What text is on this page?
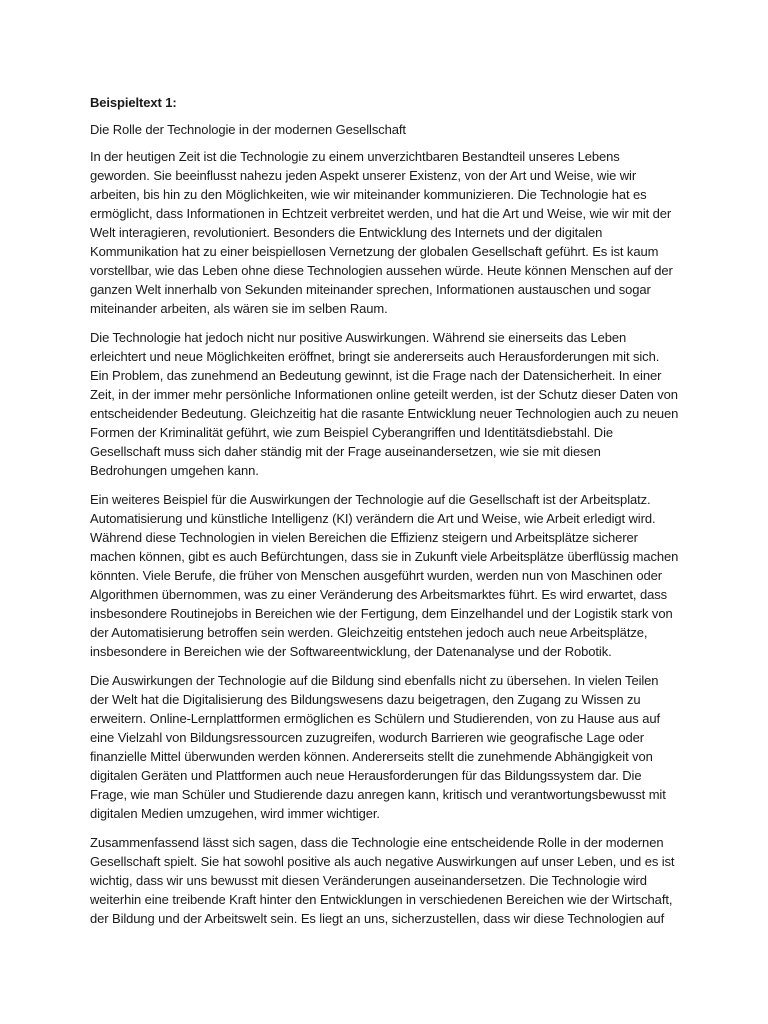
Beispieltext 1:
Die Rolle der Technologie in der modernen Gesellschaft

In der heutigen Zeit ist die Technologie zu einem unverzichtbaren Bestandteil unseres Lebens geworden. Sie beeinflusst nahezu jeden Aspekt unserer Existenz, von der Art und Weise, wie wir arbeiten, bis hin zu den Möglichkeiten, wie wir miteinander kommunizieren. Die Technologie hat es ermöglicht, dass Informationen in Echtzeit verbreitet werden, und hat die Art und Weise, wie wir mit der Welt interagieren, revolutioniert. Besonders die Entwicklung des Internets und der digitalen Kommunikation hat zu einer beispiellosen Vernetzung der globalen Gesellschaft geführt. Es ist kaum vorstellbar, wie das Leben ohne diese Technologien aussehen würde. Heute können Menschen auf der ganzen Welt innerhalb von Sekunden miteinander sprechen, Informationen austauschen und sogar miteinander arbeiten, als wären sie im selben Raum.

Die Technologie hat jedoch nicht nur positive Auswirkungen. Während sie einerseits das Leben erleichtert und neue Möglichkeiten eröffnet, bringt sie andererseits auch Herausforderungen mit sich. Ein Problem, das zunehmend an Bedeutung gewinnt, ist die Frage nach der Datensicherheit. In einer Zeit, in der immer mehr persönliche Informationen online geteilt werden, ist der Schutz dieser Daten von entscheidender Bedeutung. Gleichzeitig hat die rasante Entwicklung neuer Technologien auch zu neuen Formen der Kriminalität geführt, wie zum Beispiel Cyberangriffen und Identitätsdiebstahl. Die Gesellschaft muss sich daher ständig mit der Frage auseinandersetzen, wie sie mit diesen Bedrohungen umgehen kann.

Ein weiteres Beispiel für die Auswirkungen der Technologie auf die Gesellschaft ist der Arbeitsplatz. Automatisierung und künstliche Intelligenz (KI) verändern die Art und Weise, wie Arbeit erledigt wird. Während diese Technologien in vielen Bereichen die Effizienz steigern und Arbeitsplätze sicherer machen können, gibt es auch Befürchtungen, dass sie in Zukunft viele Arbeitsplätze überflüssig machen könnten. Viele Berufe, die früher von Menschen ausgeführt wurden, werden nun von Maschinen oder Algorithmen übernommen, was zu einer Veränderung des Arbeitsmarktes führt. Es wird erwartet, dass insbesondere Routinejobs in Bereichen wie der Fertigung, dem Einzelhandel und der Logistik stark von der Automatisierung betroffen sein werden. Gleichzeitig entstehen jedoch auch neue Arbeitsplätze, insbesondere in Bereichen wie der Softwareentwicklung, der Datenanalyse und der Robotik.

Die Auswirkungen der Technologie auf die Bildung sind ebenfalls nicht zu übersehen. In vielen Teilen der Welt hat die Digitalisierung des Bildungswesens dazu beigetragen, den Zugang zu Wissen zu erweitern. Online-Lernplattformen ermöglichen es Schülern und Studierenden, von zu Hause aus auf eine Vielzahl von Bildungsressourcen zuzugreifen, wodurch Barrieren wie geografische Lage oder finanzielle Mittel überwunden werden können. Andererseits stellt die zunehmende Abhängigkeit von digitalen Geräten und Plattformen auch neue Herausforderungen für das Bildungssystem dar. Die Frage, wie man Schüler und Studierende dazu anregen kann, kritisch und verantwortungsbewusst mit digitalen Medien umzugehen, wird immer wichtiger.

Zusammenfassend lässt sich sagen, dass die Technologie eine entscheidende Rolle in der modernen Gesellschaft spielt. Sie hat sowohl positive als auch negative Auswirkungen auf unser Leben, und es ist wichtig, dass wir uns bewusst mit diesen Veränderungen auseinandersetzen. Die Technologie wird weiterhin eine treibende Kraft hinter den Entwicklungen in verschiedenen Bereichen wie der Wirtschaft, der Bildung und der Arbeitswelt sein. Es liegt an uns, sicherzustellen, dass wir diese Technologien auf
